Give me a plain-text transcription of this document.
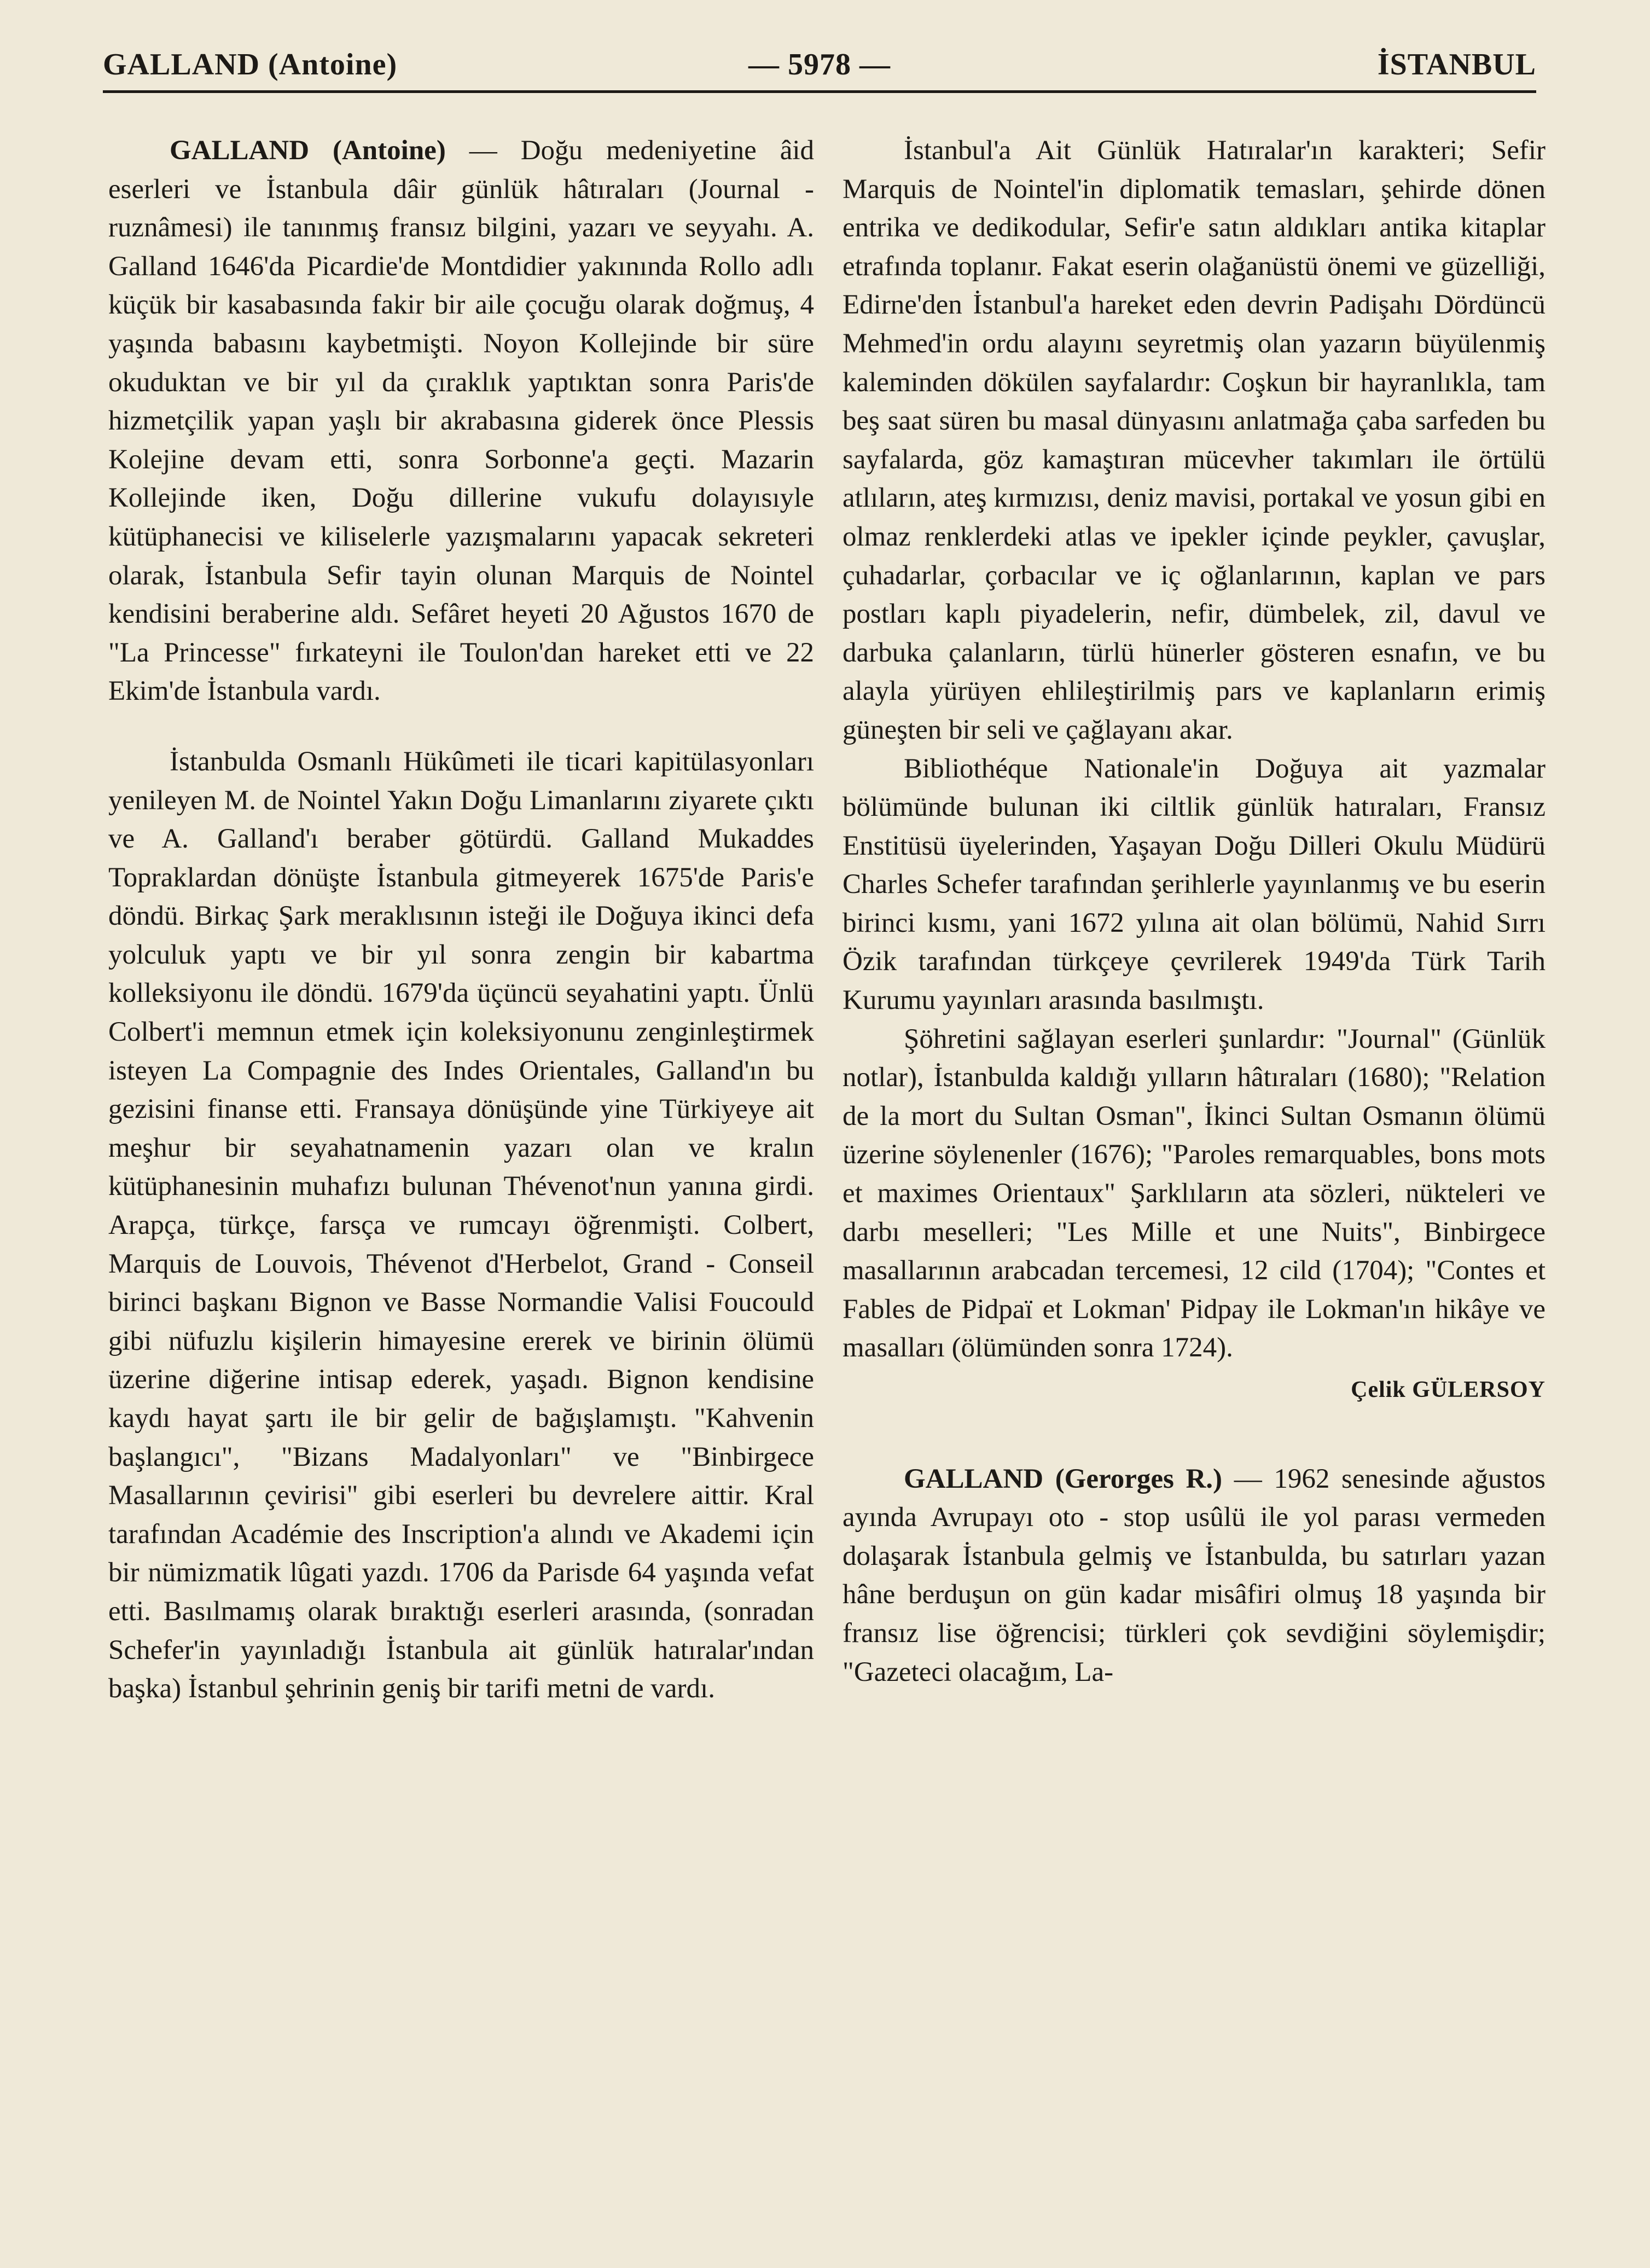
GALLAND (Antoine)	— 5978 —	İSTANBUL

GALLAND (Antoine) — Doğu medeniyetine âid eserleri ve İstanbula dâir günlük hâtıraları (Journal - ruznâmesi) ile tanınmış fransız bilgini, yazarı ve seyyahı. A. Galland 1646'da Picardie'de Montdidier yakınında Rollo adlı küçük bir kasabasında fakir bir aile çocuğu olarak doğmuş, 4 yaşında babasını kaybetmişti. Noyon Kollejinde bir süre okuduktan ve bir yıl da çıraklık yaptıktan sonra Paris'de hizmetçilik yapan yaşlı bir akrabasına giderek önce Plessis Kolejine devam etti, sonra Sorbonne'a geçti. Mazarin Kollejinde iken, Doğu dillerine vukufu dolayısıyle kütüphanecisi ve kiliselerle yazışmalarını yapacak sekreteri olarak, İstanbula Sefir tayin olunan Marquis de Nointel kendisini beraberine aldı. Sefâret heyeti 20 Ağustos 1670 de "La Princesse" fırkateyni ile Toulon'dan hareket etti ve 22 Ekim'de İstanbula vardı.

İstanbulda Osmanlı Hükûmeti ile ticari kapitülasyonları yenileyen M. de Nointel Yakın Doğu Limanlarını ziyarete çıktı ve A. Galland'ı beraber götürdü. Galland Mukaddes Topraklardan dönüşte İstanbula gitmeyerek 1675'de Paris'e döndü. Birkaç Şark meraklısının isteği ile Doğuya ikinci defa yolculuk yaptı ve bir yıl sonra zengin bir kabartma kolleksiyonu ile döndü. 1679'da üçüncü seyahatini yaptı. Ünlü Colbert'i memnun etmek için koleksiyonunu zenginleştirmek isteyen La Compagnie des Indes Orientales, Galland'ın bu gezisini finanse etti. Fransaya dönüşünde yine Türkiyeye ait meşhur bir seyahatnamenin yazarı olan ve kralın kütüphanesinin muhafızı bulunan Thévenot'nun yanına girdi. Arapça, türkçe, farsça ve rumcayı öğrenmişti. Colbert, Marquis de Louvois, Thévenot d'Herbelot, Grand - Conseil birinci başkanı Bignon ve Basse Normandie Valisi Foucould gibi nüfuzlu kişilerin himayesine ererek ve birinin ölümü üzerine diğerine intisap ederek, yaşadı. Bignon kendisine kaydı hayat şartı ile bir gelir de bağışlamıştı. "Kahvenin başlangıcı", "Bizans Madalyonları" ve "Binbirgece Masallarının çevirisi" gibi eserleri bu devrelere aittir. Kral tarafından Académie des Inscription'a alındı ve Akademi için bir nümizmatik lûgati yazdı. 1706 da Parisde 64 yaşında vefat etti. Basılmamış olarak bıraktığı eserleri arasında, (sonradan Schefer'in yayınladığı İstanbula ait günlük hatıralar'ından başka) İstanbul şehrinin geniş bir tarifi metni de vardı.

İstanbul'a Ait Günlük Hatıralar'ın karakteri; Sefir Marquis de Nointel'in diplomatik temasları, şehirde dönen entrika ve dedikodular, Sefir'e satın aldıkları antika kitaplar etrafında toplanır. Fakat eserin olağanüstü önemi ve güzelliği, Edirne'den İstanbul'a hareket eden devrin Padişahı Dördüncü Mehmed'in ordu alayını seyretmiş olan yazarın büyülenmiş kaleminden dökülen sayfalardır: Coşkun bir hayranlıkla, tam beş saat süren bu masal dünyasını anlatmağa çaba sarfeden bu sayfalarda, göz kamaştıran mücevher takımları ile örtülü atlıların, ateş kırmızısı, deniz mavisi, portakal ve yosun gibi en olmaz renklerdeki atlas ve ipekler içinde peykler, çavuşlar, çuhadarlar, çorbacılar ve iç oğlanlarının, kaplan ve pars postları kaplı piyadelerin, nefir, dümbelek, zil, davul ve darbuka çalanların, türlü hünerler gösteren esnafın, ve bu alayla yürüyen ehlileştirilmiş pars ve kaplanların erimiş güneşten bir seli ve çağlayanı akar.

Bibliothéque Nationale'in Doğuya ait yazmalar bölümünde bulunan iki ciltlik günlük hatıraları, Fransız Enstitüsü üyelerinden, Yaşayan Doğu Dilleri Okulu Müdürü Charles Schefer tarafından şerihlerle yayınlanmış ve bu eserin birinci kısmı, yani 1672 yılına ait olan bölümü, Nahid Sırrı Özik tarafından türkçeye çevrilerek 1949'da Türk Tarih Kurumu yayınları arasında basılmıştı.

Şöhretini sağlayan eserleri şunlardır: "Journal" (Günlük notlar), İstanbulda kaldığı yılların hâtıraları (1680); "Relation de la mort du Sultan Osman", İkinci Sultan Osmanın ölümü üzerine söylenenler (1676); "Paroles remarquables, bons mots et maximes Orientaux" Şarklıların ata sözleri, nükteleri ve darbı meselleri; "Les Mille et une Nuits", Binbirgece masallarının arabcadan tercemesi, 12 cild (1704); "Contes et Fables de Pidpaï et Lokman' Pidpay ile Lokman'ın hikâye ve masalları (ölümünden sonra 1724).

Çelik GÜLERSOY

GALLAND (Gerorges R.) — 1962 senesinde ağustos ayında Avrupayı oto - stop usûlü ile yol parası vermeden dolaşarak İstanbula gelmiş ve İstanbulda, bu satırları yazan hâne berduşun on gün kadar misâfiri olmuş 18 yaşında bir fransız lise öğrencisi; türkleri çok sevdiğini söylemişdir; "Gazeteci olacağım, La-
